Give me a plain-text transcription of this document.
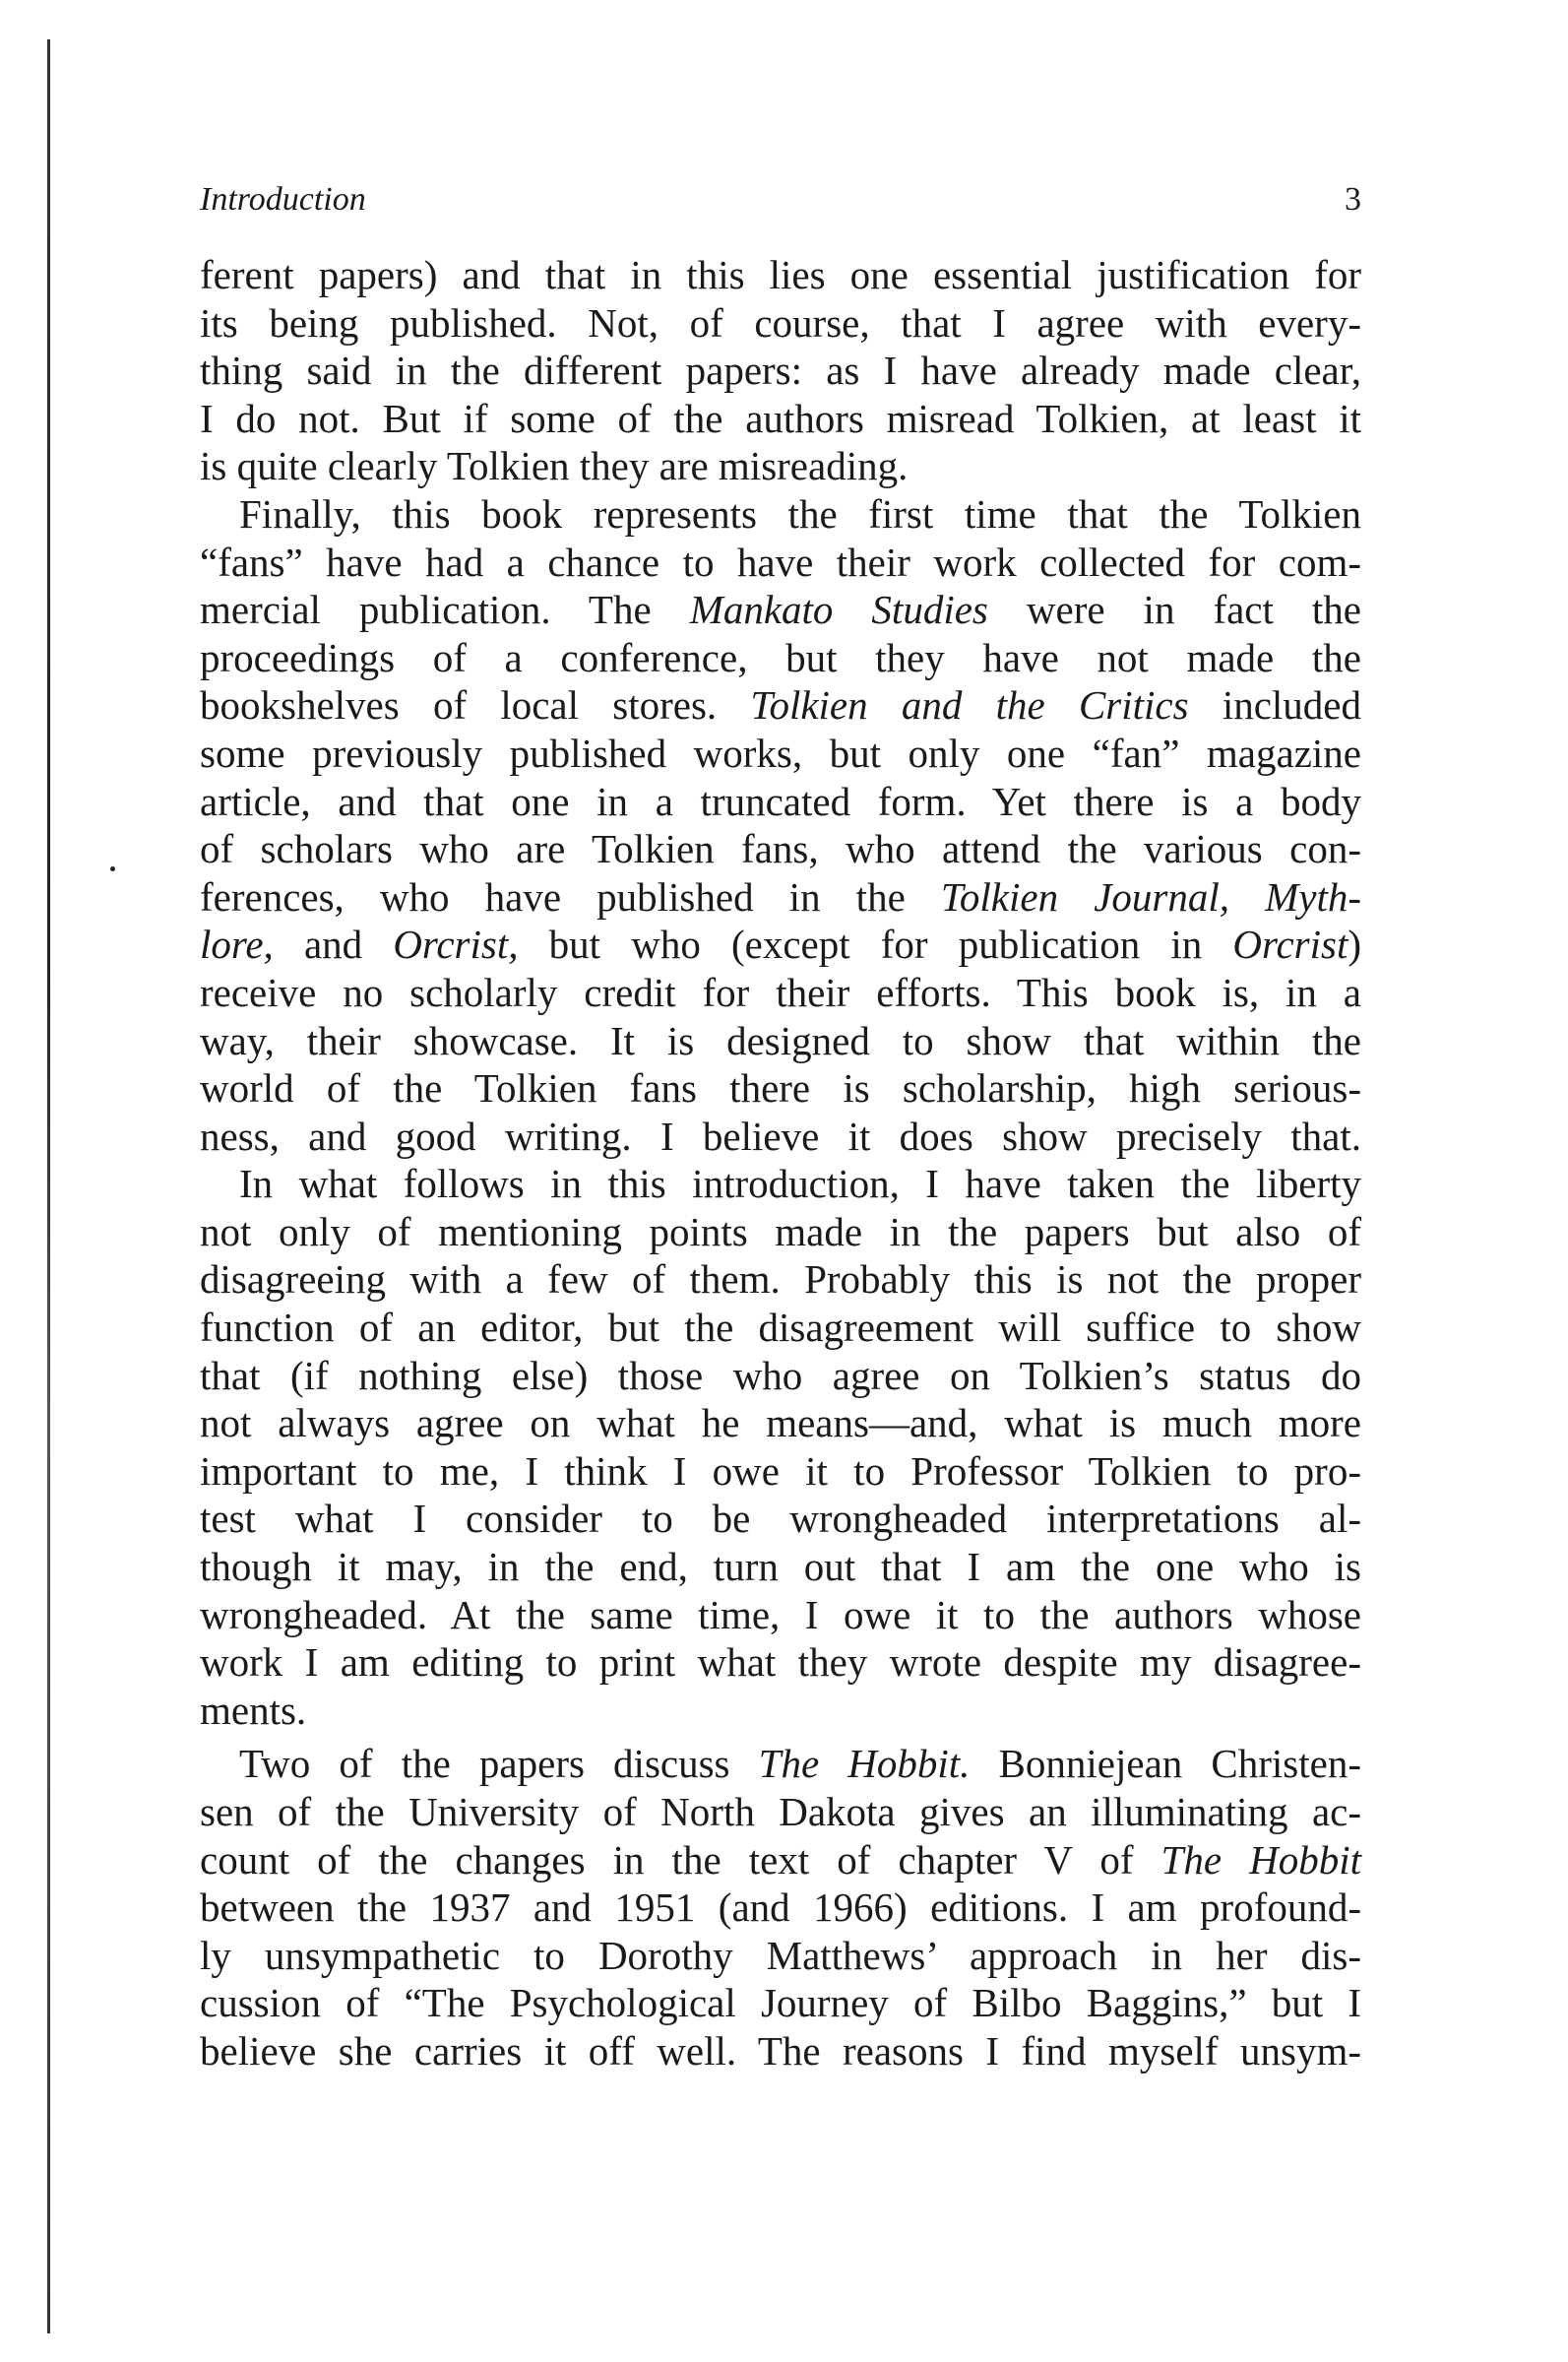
Introduction	3
ferent papers) and that in this lies one essential justification for
its being published. Not, of course, that I agree with every-
thing said in the different papers: as I have already made clear,
I do not. But if some of the authors misread Tolkien, at least it
is quite clearly Tolkien they are misreading.
Finally, this book represents the first time that the Tolkien
“fans” have had a chance to have their work collected for com-
mercial publication. The Mankato Studies were in fact the
proceedings of a conference, but they have not made the
bookshelves of local stores. Tolkien and the Critics included
some previously published works, but only one “fan” magazine
article, and that one in a truncated form. Yet there is a body
of scholars who are Tolkien fans, who attend the various con-
ferences, who have published in the Tolkien Journal, Myth-
lore, and Orcrist, but who (except for publication in Orcrist)
receive no scholarly credit for their efforts. This book is, in a
way, their showcase. It is designed to show that within the
world of the Tolkien fans there is scholarship, high serious-
ness, and good writing. I believe it does show precisely that.
In what follows in this introduction, I have taken the liberty
not only of mentioning points made in the papers but also of
disagreeing with a few of them. Probably this is not the proper
function of an editor, but the disagreement will suffice to show
that (if nothing else) those who agree on Tolkien’s status do
not always agree on what he means—and, what is much more
important to me, I think I owe it to Professor Tolkien to pro-
test what I consider to be wrongheaded interpretations al-
though it may, in the end, turn out that I am the one who is
wrongheaded. At the same time, I owe it to the authors whose
work I am editing to print what they wrote despite my disagree-
ments.
Two of the papers discuss The Hobbit. Bonniejean Christen-
sen of the University of North Dakota gives an illuminating ac-
count of the changes in the text of chapter V of The Hobbit
between the 1937 and 1951 (and 1966) editions. I am profound-
ly unsympathetic to Dorothy Matthews’ approach in her dis-
cussion of “The Psychological Journey of Bilbo Baggins,” but I
believe she carries it off well. The reasons I find myself unsym-
